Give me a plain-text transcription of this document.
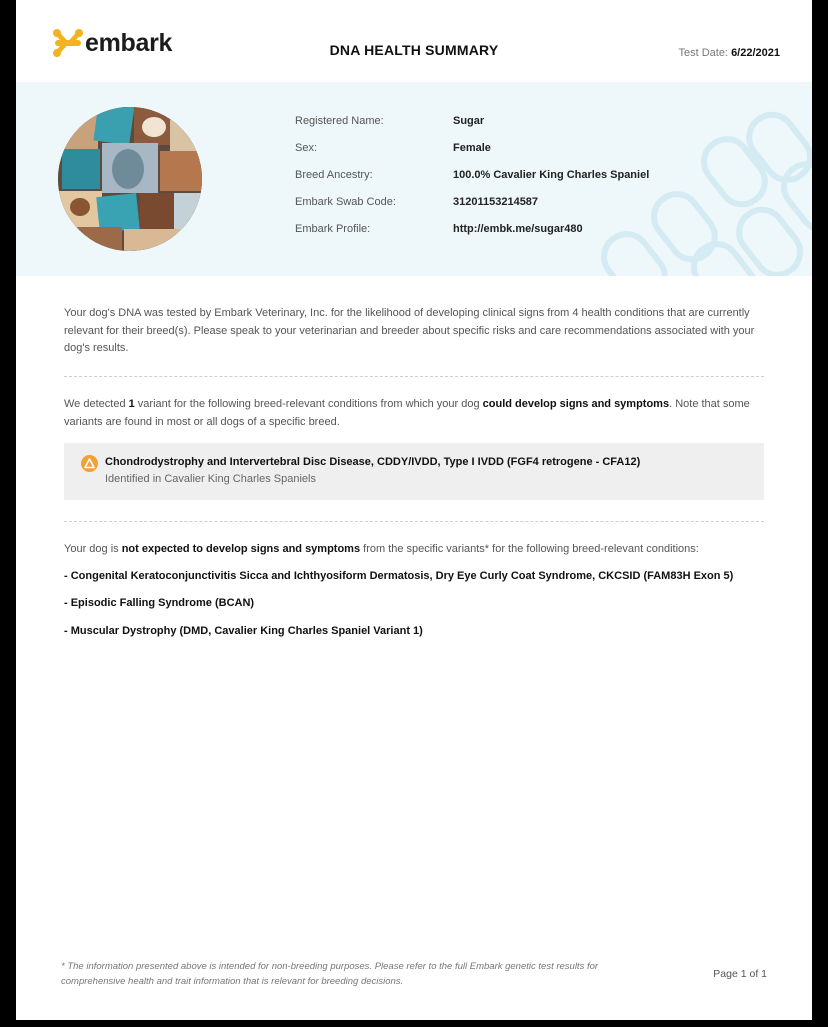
embark	DNA HEALTH SUMMARY	Test Date: 6/22/2021
Registered Name:	Sugar
Sex:	Female
Breed Ancestry:	100.0% Cavalier King Charles Spaniel
Embark Swab Code:	31201153214587
Embark Profile:	http://embk.me/sugar480
Your dog's DNA was tested by Embark Veterinary, Inc. for the likelihood of developing clinical signs from 4 health conditions that are currently relevant for their breed(s). Please speak to your veterinarian and breeder about specific risks and care recommendations associated with your dog's results.
We detected 1 variant for the following breed-relevant conditions from which your dog could develop signs and symptoms. Note that some variants are found in most or all dogs of a specific breed.
Chondrodystrophy and Intervertebral Disc Disease, CDDY/IVDD, Type I IVDD (FGF4 retrogene - CFA12)
Identified in Cavalier King Charles Spaniels
Your dog is not expected to develop signs and symptoms from the specific variants* for the following breed-relevant conditions:
- Congenital Keratoconjunctivitis Sicca and Ichthyosiform Dermatosis, Dry Eye Curly Coat Syndrome, CKCSID (FAM83H Exon 5)
- Episodic Falling Syndrome (BCAN)
- Muscular Dystrophy (DMD, Cavalier King Charles Spaniel Variant 1)
* The information presented above is intended for non-breeding purposes. Please refer to the full Embark genetic test results for comprehensive health and trait information that is relevant for breeding decisions.
Page 1 of 1
